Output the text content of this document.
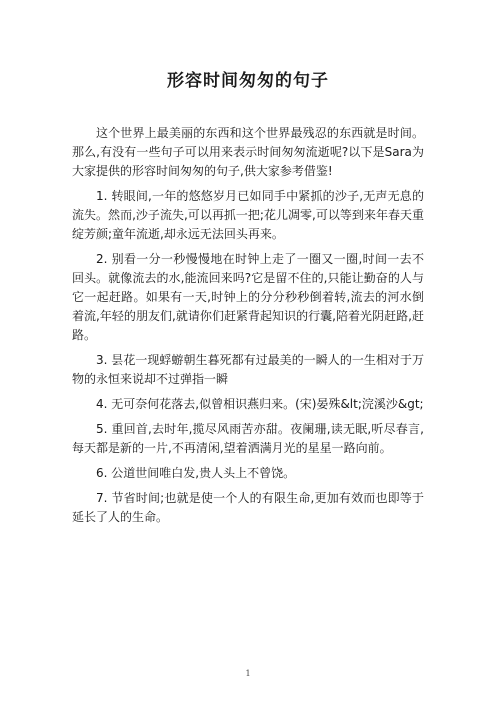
形容时间匆匆的句子

这个世界上最美丽的东西和这个世界最残忍的东西就是时间。那么,有没有一些句子可以用来表示时间匆匆流逝呢?以下是Sara为大家提供的形容时间匆匆的句子,供大家参考借鉴!

1. 转眼间,一年的悠悠岁月已如同手中紧抓的沙子,无声无息的流失。然而,沙子流失,可以再抓一把;花儿凋零,可以等到来年春天重绽芳颜;童年流逝,却永远无法回头再来。

2. 别看一分一秒慢慢地在时钟上走了一圈又一圈,时间一去不回头。就像流去的水,能流回来吗?它是留不住的,只能让勤奋的人与它一起赶路。如果有一天,时钟上的分分秒秒倒着转,流去的河水倒着流,年轻的朋友们,就请你们赶紧背起知识的行囊,陪着光阴赶路,赶路。

3. 昙花一现蜉蝣朝生暮死都有过最美的一瞬人的一生相对于万物的永恒来说却不过弹指一瞬

4. 无可奈何花落去,似曾相识燕归来。(宋)晏殊&lt;浣溪沙&gt;

5. 重回首,去时年,揽尽风雨苦亦甜。夜阑珊,读无眠,听尽春言,每天都是新的一片,不再清闲,望着洒满月光的星星一路向前。

6. 公道世间唯白发,贵人头上不曾饶。

7. 节省时间;也就是使一个人的有限生命,更加有效而也即等于延长了人的生命。

1
